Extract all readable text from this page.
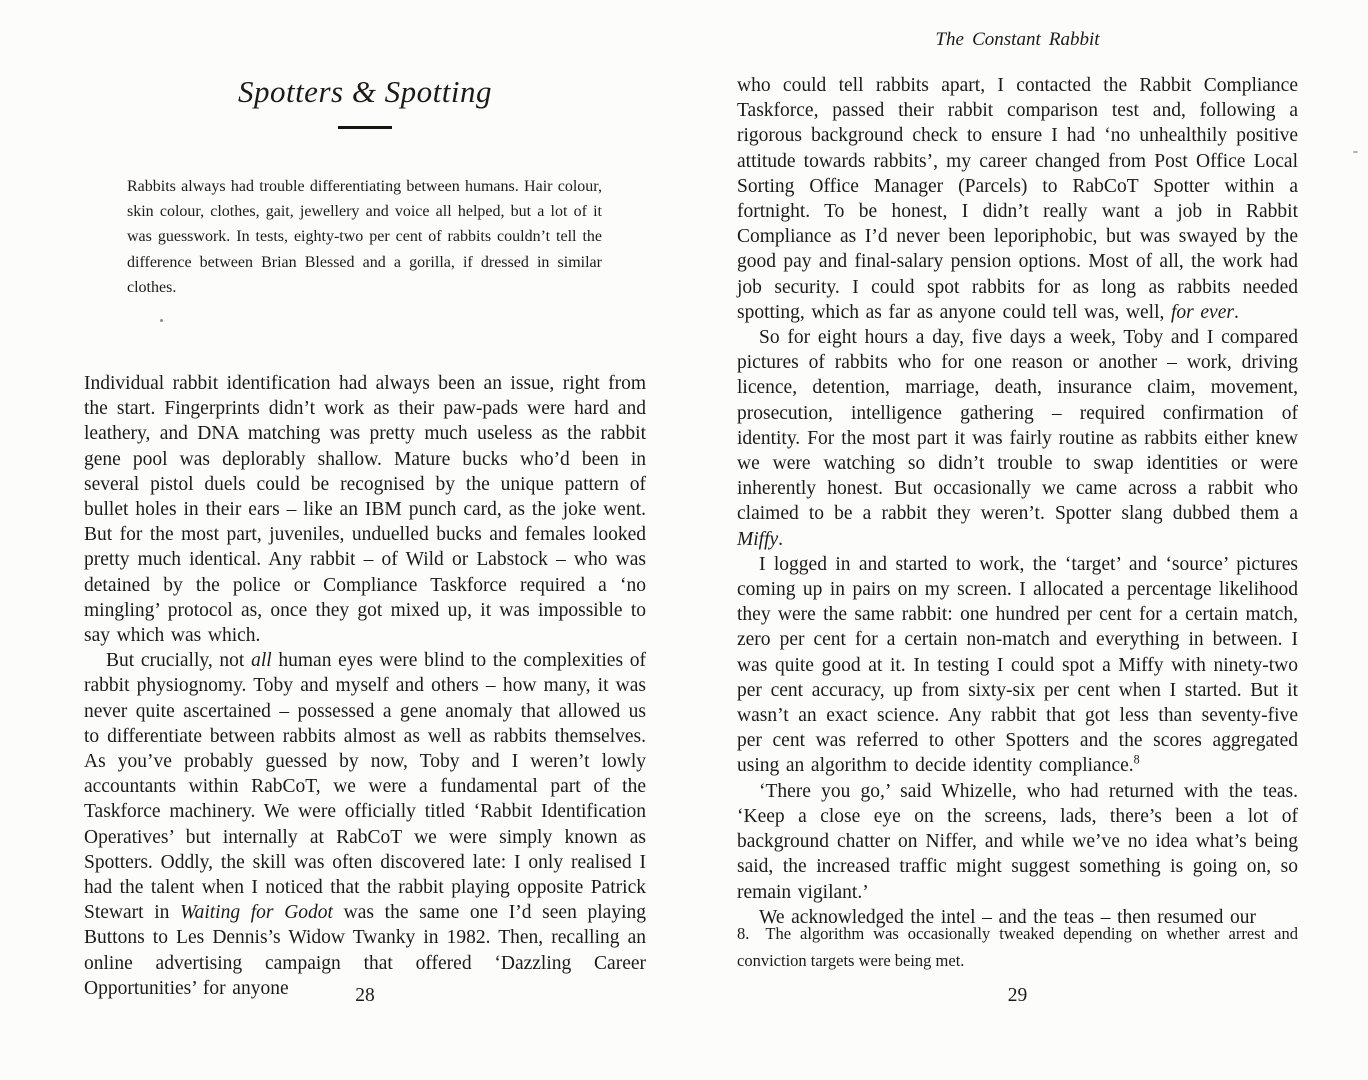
Spotters & Spotting

Rabbits always had trouble differentiating between humans. Hair colour, skin colour, clothes, gait, jewellery and voice all helped, but a lot of it was guesswork. In tests, eighty-two per cent of rabbits couldn’t tell the difference between Brian Blessed and a gorilla, if dressed in similar clothes.

Individual rabbit identification had always been an issue, right from the start. Fingerprints didn’t work as their paw-pads were hard and leathery, and DNA matching was pretty much useless as the rabbit gene pool was deplorably shallow. Mature bucks who’d been in several pistol duels could be recognised by the unique pattern of bullet holes in their ears – like an IBM punch card, as the joke went. But for the most part, juveniles, unduelled bucks and females looked pretty much identical. Any rabbit – of Wild or Labstock – who was detained by the police or Compliance Taskforce required a ‘no mingling’ protocol as, once they got mixed up, it was impossible to say which was which.

But crucially, not all human eyes were blind to the complexities of rabbit physiognomy. Toby and myself and others – how many, it was never quite ascertained – possessed a gene anomaly that allowed us to differentiate between rabbits almost as well as rabbits themselves. As you’ve probably guessed by now, Toby and I weren’t lowly accountants within RabCoT, we were a fundamental part of the Taskforce machinery. We were officially titled ‘Rabbit Identification Operatives’ but internally at RabCoT we were simply known as Spotters. Oddly, the skill was often discovered late: I only realised I had the talent when I noticed that the rabbit playing opposite Patrick Stewart in Waiting for Godot was the same one I’d seen playing Buttons to Les Dennis’s Widow Twanky in 1982. Then, recalling an online advertising campaign that offered ‘Dazzling Career Opportunities’ for anyone	28

The Constant Rabbit

who could tell rabbits apart, I contacted the Rabbit Compliance Taskforce, passed their rabbit comparison test and, following a rigorous background check to ensure I had ‘no unhealthily positive attitude towards rabbits’, my career changed from Post Office Local Sorting Office Manager (Parcels) to RabCoT Spotter within a fortnight. To be honest, I didn’t really want a job in Rabbit Compliance as I’d never been leporiphobic, but was swayed by the good pay and final-salary pension options. Most of all, the work had job security. I could spot rabbits for as long as rabbits needed spotting, which as far as anyone could tell was, well, for ever.

So for eight hours a day, five days a week, Toby and I compared pictures of rabbits who for one reason or another – work, driving licence, detention, marriage, death, insurance claim, movement, prosecution, intelligence gathering – required confirmation of identity. For the most part it was fairly routine as rabbits either knew we were watching so didn’t trouble to swap identities or were inherently honest. But occasionally we came across a rabbit who claimed to be a rabbit they weren’t. Spotter slang dubbed them a Miffy.

I logged in and started to work, the ‘target’ and ‘source’ pictures coming up in pairs on my screen. I allocated a percentage likelihood they were the same rabbit: one hundred per cent for a certain match, zero per cent for a certain non-match and everything in between. I was quite good at it. In testing I could spot a Miffy with ninety-two per cent accuracy, up from sixty-six per cent when I started. But it wasn’t an exact science. Any rabbit that got less than seventy-five per cent was referred to other Spotters and the scores aggregated using an algorithm to decide identity compliance.$^8$

‘There you go,’ said Whizelle, who had returned with the teas. ‘Keep a close eye on the screens, lads, there’s been a lot of background chatter on Niffer, and while we’ve no idea what’s being said, the increased traffic might suggest something is going on, so remain vigilant.’

We acknowledged the intel – and the teas – then resumed our

8. The algorithm was occasionally tweaked depending on whether arrest and conviction targets were being met.

29
